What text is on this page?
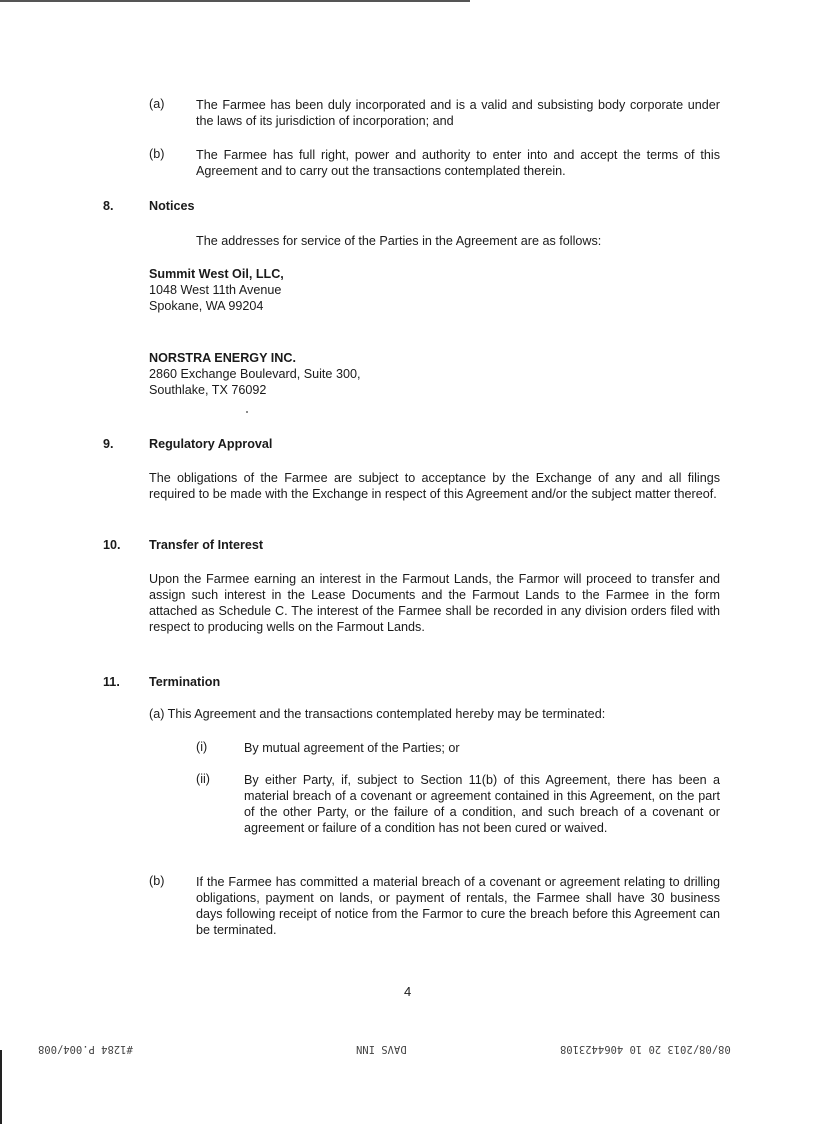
(a)	The Farmee has been duly incorporated and is a valid and subsisting body corporate under the laws of its jurisdiction of incorporation; and
(b)	The Farmee has full right, power and authority to enter into and accept the terms of this Agreement and to carry out the transactions contemplated therein.
8.	Notices
The addresses for service of the Parties in the Agreement are as follows:
Summit West Oil, LLC,
1048 West 11th Avenue
Spokane, WA 99204
NORSTRA ENERGY INC.
2860 Exchange Boulevard, Suite 300,
Southlake, TX 76092
9.	Regulatory Approval
The obligations of the Farmee are subject to acceptance by the Exchange of any and all filings required to be made with the Exchange in respect of this Agreement and/or the subject matter thereof.
10. Transfer of Interest
Upon the Farmee earning an interest in the Farmout Lands, the Farmor will proceed to transfer and assign such interest in the Lease Documents and the Farmout Lands to the Farmee in the form attached as Schedule C. The interest of the Farmee shall be recorded in any division orders filed with respect to producing wells on the Farmout Lands.
11. Termination
(a) This Agreement and the transactions contemplated hereby may be terminated:
(i)	By mutual agreement of the Parties; or
(ii)	By either Party, if, subject to Section 11(b) of this Agreement, there has been a material breach of a covenant or agreement contained in this Agreement, on the part of the other Party, or the failure of a condition, and such breach of a covenant or agreement or failure of a condition has not been cured or waived.
(b)	If the Farmee has committed a material breach of a covenant or agreement relating to drilling obligations, payment on lands, or payment of rentals, the Farmee shall have 30 business days following receipt of notice from the Farmor to cure the breach before this Agreement can be terminated.
4
#1284 P.004/008	DAVS INN	08/08/2013 20 10 4064423108
